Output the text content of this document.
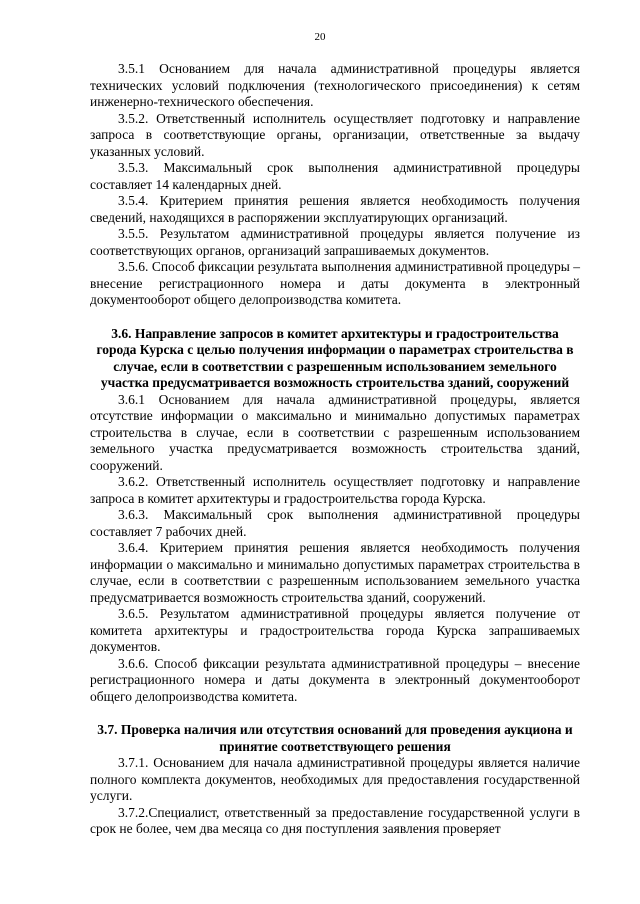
20

3.5.1 Основанием для начала административной процедуры является технических условий подключения (технологического присоединения) к сетям инженерно-технического обеспечения.

3.5.2. Ответственный исполнитель осуществляет подготовку и направление запроса в соответствующие органы, организации, ответственные за выдачу указанных условий.

3.5.3. Максимальный срок выполнения административной процедуры составляет 14 календарных дней.

3.5.4. Критерием принятия решения является необходимость получения сведений, находящихся в распоряжении эксплуатирующих организаций.

3.5.5. Результатом административной процедуры является получение из соответствующих органов, организаций запрашиваемых документов.

3.5.6. Способ фиксации результата выполнения административной процедуры – внесение регистрационного номера и даты документа в электронный документооборот общего делопроизводства комитета.

3.6. Направление запросов в комитет архитектуры и градостроительства города Курска с целью получения информации о параметрах строительства в случае, если в соответствии с разрешенным использованием земельного участка предусматривается возможность строительства зданий, сооружений

3.6.1 Основанием для начала административной процедуры, является отсутствие информации о максимально и минимально допустимых параметрах строительства в случае, если в соответствии с разрешенным использованием земельного участка предусматривается возможность строительства зданий, сооружений.

3.6.2. Ответственный исполнитель осуществляет подготовку и направление запроса в комитет архитектуры и градостроительства города Курска.

3.6.3. Максимальный срок выполнения административной процедуры составляет 7 рабочих дней.

3.6.4. Критерием принятия решения является необходимость получения информации о максимально и минимально допустимых параметрах строительства в случае, если в соответствии с разрешенным использованием земельного участка предусматривается возможность строительства зданий, сооружений.

3.6.5. Результатом административной процедуры является получение от комитета архитектуры и градостроительства города Курска запрашиваемых документов.

3.6.6. Способ фиксации результата административной процедуры – внесение регистрационного номера и даты документа в электронный документооборот общего делопроизводства комитета.

3.7. Проверка наличия или отсутствия оснований для проведения аукциона и принятие соответствующего решения

3.7.1. Основанием для начала административной процедуры является наличие полного комплекта документов, необходимых для предоставления государственной услуги.

3.7.2.Специалист, ответственный за предоставление государственной услуги в срок не более, чем два месяца со дня поступления заявления проверяет
